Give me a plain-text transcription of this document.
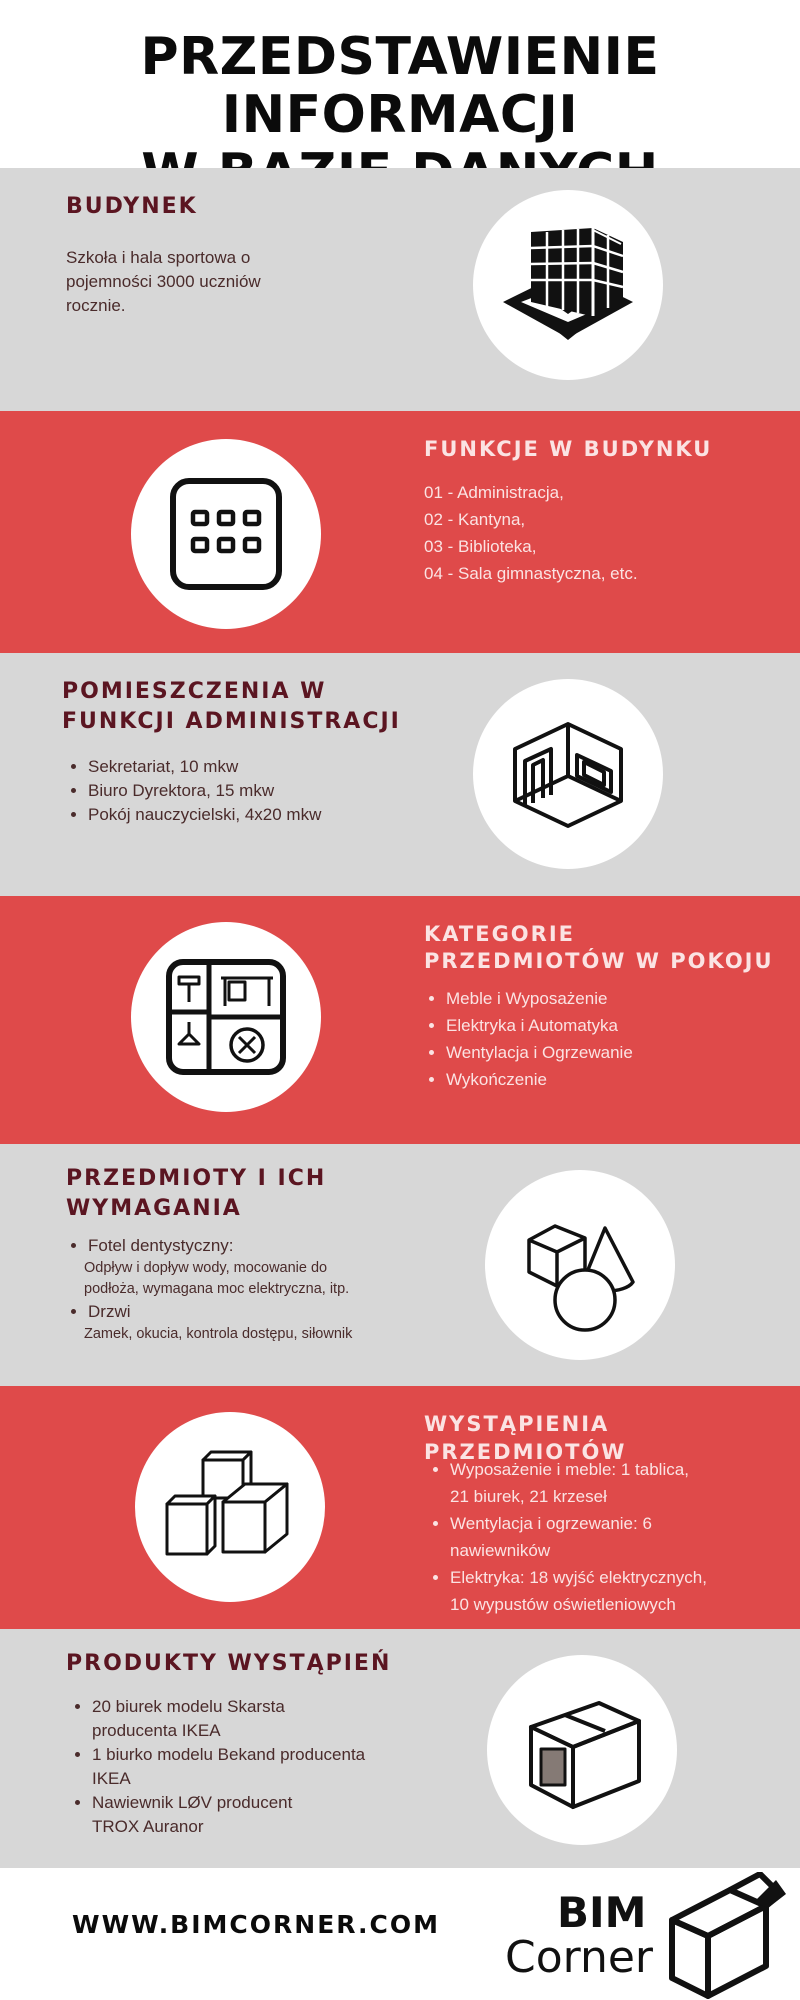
PRZEDSTAWIENIE INFORMACJI
BUDYNEK
Szkoła i hala sportowa o
pojemności 3000 uczniów
rocznie.
FUNKCJE W BUDYNKU
01 - Administracja,
02 - Kantyna,
03 - Biblioteka,
04 - Sala gimnastyczna, etc.
POMIESZCZENIA W
FUNKCJI ADMINISTRACJI
• Sekretariat, 10 mkw
• Biuro Dyrektora, 15 mkw
• Pokój nauczycielski, 4x20 mkw
KATEGORIE
PRZEDMIOTÓW W POKOJU
• Meble i Wyposażenie
• Elektryka i Automatyka
• Wentylacja i Ogrzewanie
• Wykończenie
PRZEDMIOTY I ICH
WYMAGANIA
• Fotel dentystyczny:
Odpływ i dopływ wody, mocowanie do
podłoża, wymagana moc elektryczna, itp.
• Drzwi
Zamek, okucia, kontrola dostępu, siłownik
WYSTĄPIENIA PRZEDMIOTÓW
• Wyposażenie i meble: 1 tablica,
21 biurek, 21 krzeseł
• Wentylacja i ogrzewanie: 6
nawiewników
• Elektryka: 18 wyjść elektrycznych,
10 wypustów oświetleniowych
PRODUKTY WYSTĄPIEŃ
• 20 biurek modelu Skarsta
producenta IKEA
• 1 biurko modelu Bekand producenta
IKEA
• Nawiewnik LØV producent
TROX Auranor
WWW.BIMCORNER.COM	BIM
Corner
